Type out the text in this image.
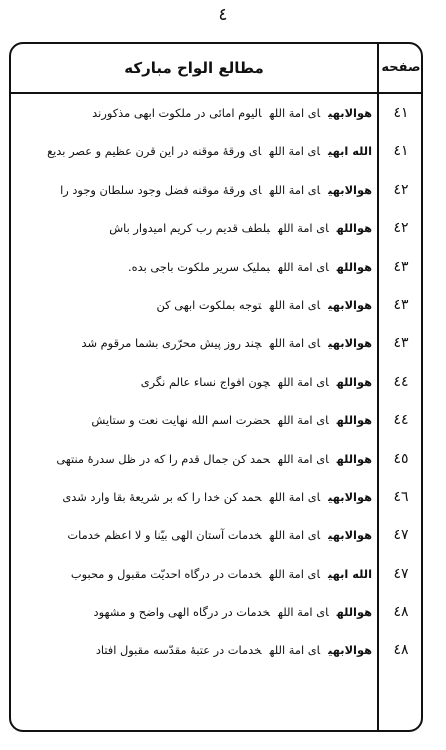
٤
مطالع الواح مبارکه	صفحه
هوالابهیای امة اللهالیوم امائی در ملکوت ابهی مذکورند	٤١
الله ابهیای امة اللهای ورقهٔ موقنه در این قرن عظیم و عصر بدیع	٤١
هوالابهیای امة اللهای ورقهٔ موقنه فضل وجود سلطان وجود را	٤٢
هواللهای امة اللهبلطف قدیم رب کریم امیدوار باش	٤٢
هواللهای امة اللهبملیک سریر ملکوت باجی بده.	٤٣
هوالابهیای امة اللهتوجه بملکوت ابهی کن	٤٣
هوالابهیای امة اللهچند روز پیش محرّری بشما مرقوم شد	٤٣
هواللهای امة اللهچون افواج نساء عالم نگری	٤٤
هواللهای امة اللهحضرت اسم الله نهایت نعت و ستایش	٤٤
هواللهای امة اللهحمد کن جمال قدم را که در ظل سدرهٔ منتهی	٤٥
هوالابهیای امة اللهحمد کن خدا را که بر شریعهٔ بقا وارد شدی	٤٦
هوالابهیای امة اللهخدمات آستان الهی بیّنا و لا اعظم خدمات	٤٧
الله ابهیای امة اللهخدمات در درگاه احدیّت مقبول و محبوب	٤٧
هواللهای امة اللهخدمات در درگاه الهی واضح و مشهود	٤٨
هوالابهیای امة اللهخدمات در عتبهٔ مقدّسه مقبول افتاد	٤٨
